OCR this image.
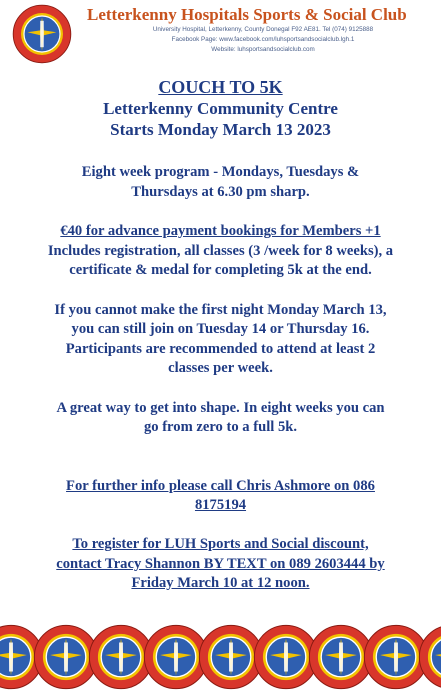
Letterkenny Hospitals Sports & Social Club
University Hospital, Letterkenny, County Donegal F92 AE81. Tel (074) 9125888
Facebook Page: www.facebook.com/luhsportsandsocialclub.lgh.1
Website: luhsportsandsocialclub.com
COUCH TO 5K
Letterkenny Community Centre
Starts Monday March 13 2023
Eight week program - Mondays, Tuesdays &
Thursdays at 6.30 pm sharp.
€40 for advance payment bookings for Members +1
Includes registration, all classes (3 /week for 8 weeks), a
certificate & medal for completing 5k at the end.
If you cannot make the first night Monday March 13,
you can still join on Tuesday 14 or Thursday 16.
Participants are recommended to attend at least 2
classes per week.
A great way to get into shape. In eight weeks you can
go from zero to a full 5k.
For further info please call Chris Ashmore on 086
8175194
To register for LUH Sports and Social discount,
contact Tracy Shannon BY TEXT on 089 2603444 by
Friday March 10 at 12 noon.
